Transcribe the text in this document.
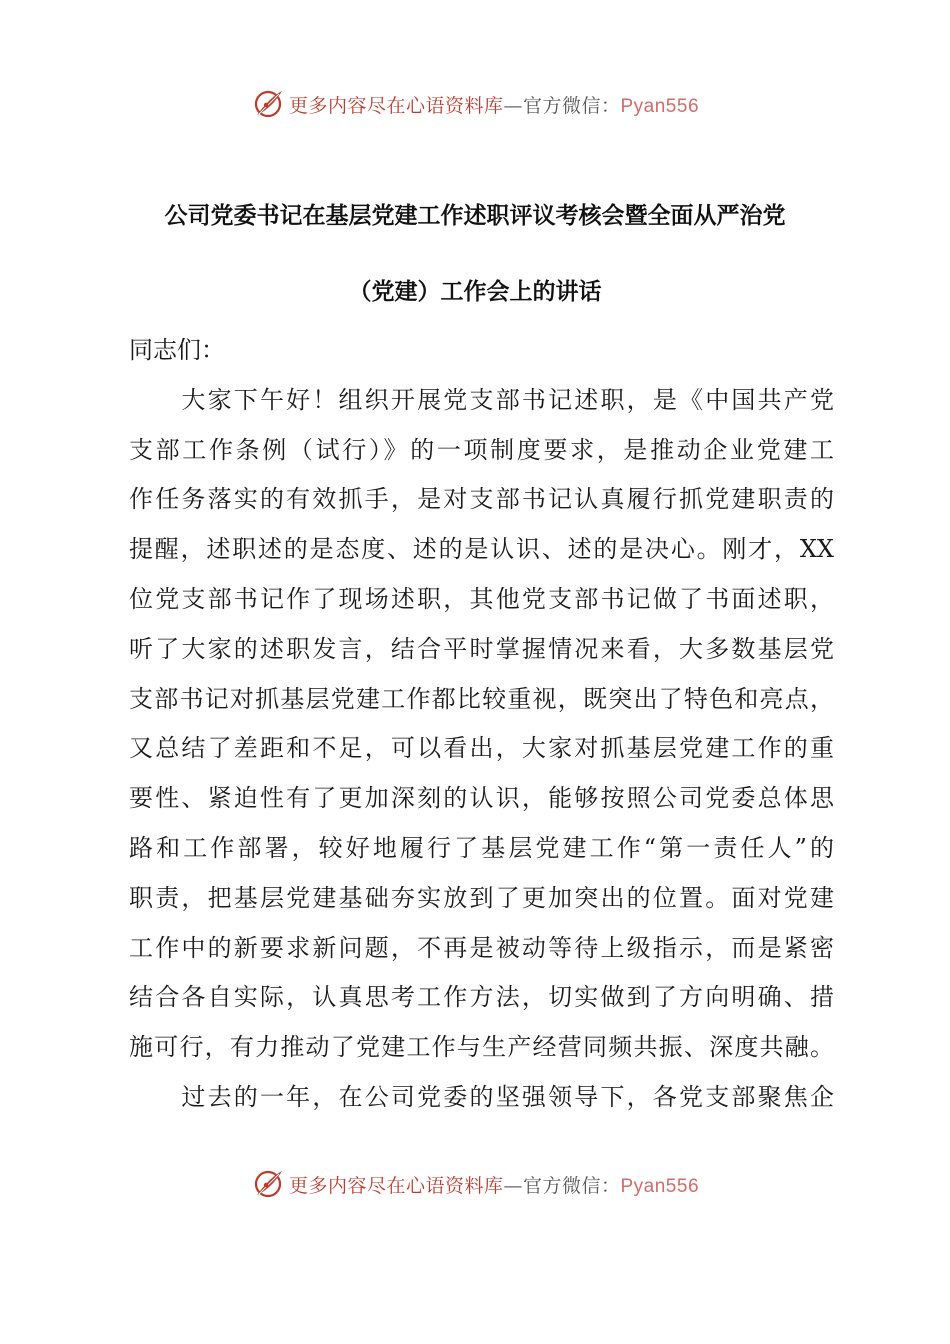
更多内容尽在心语资料库—官方微信：Pyan556
公司党委书记在基层党建工作述职评议考核会暨全面从严治党
（党建）工作会上的讲话
同志们：
　　大家下午好！组织开展党支部书记述职，是《中国共产党
支部工作条例（试行）》的一项制度要求，是推动企业党建工
作任务落实的有效抓手，是对支部书记认真履行抓党建职责的
提醒，述职述的是态度、述的是认识、述的是决心。刚才，XX
位党支部书记作了现场述职，其他党支部书记做了书面述职，
听了大家的述职发言，结合平时掌握情况来看，大多数基层党
支部书记对抓基层党建工作都比较重视，既突出了特色和亮点，
又总结了差距和不足，可以看出，大家对抓基层党建工作的重
要性、紧迫性有了更加深刻的认识，能够按照公司党委总体思
路和工作部署，较好地履行了基层党建工作“第一责任人”的
职责，把基层党建基础夯实放到了更加突出的位置。面对党建
工作中的新要求新问题，不再是被动等待上级指示，而是紧密
结合各自实际，认真思考工作方法，切实做到了方向明确、措
施可行，有力推动了党建工作与生产经营同频共振、深度共融。
　　过去的一年，在公司党委的坚强领导下，各党支部聚焦企
更多内容尽在心语资料库—官方微信：Pyan556
